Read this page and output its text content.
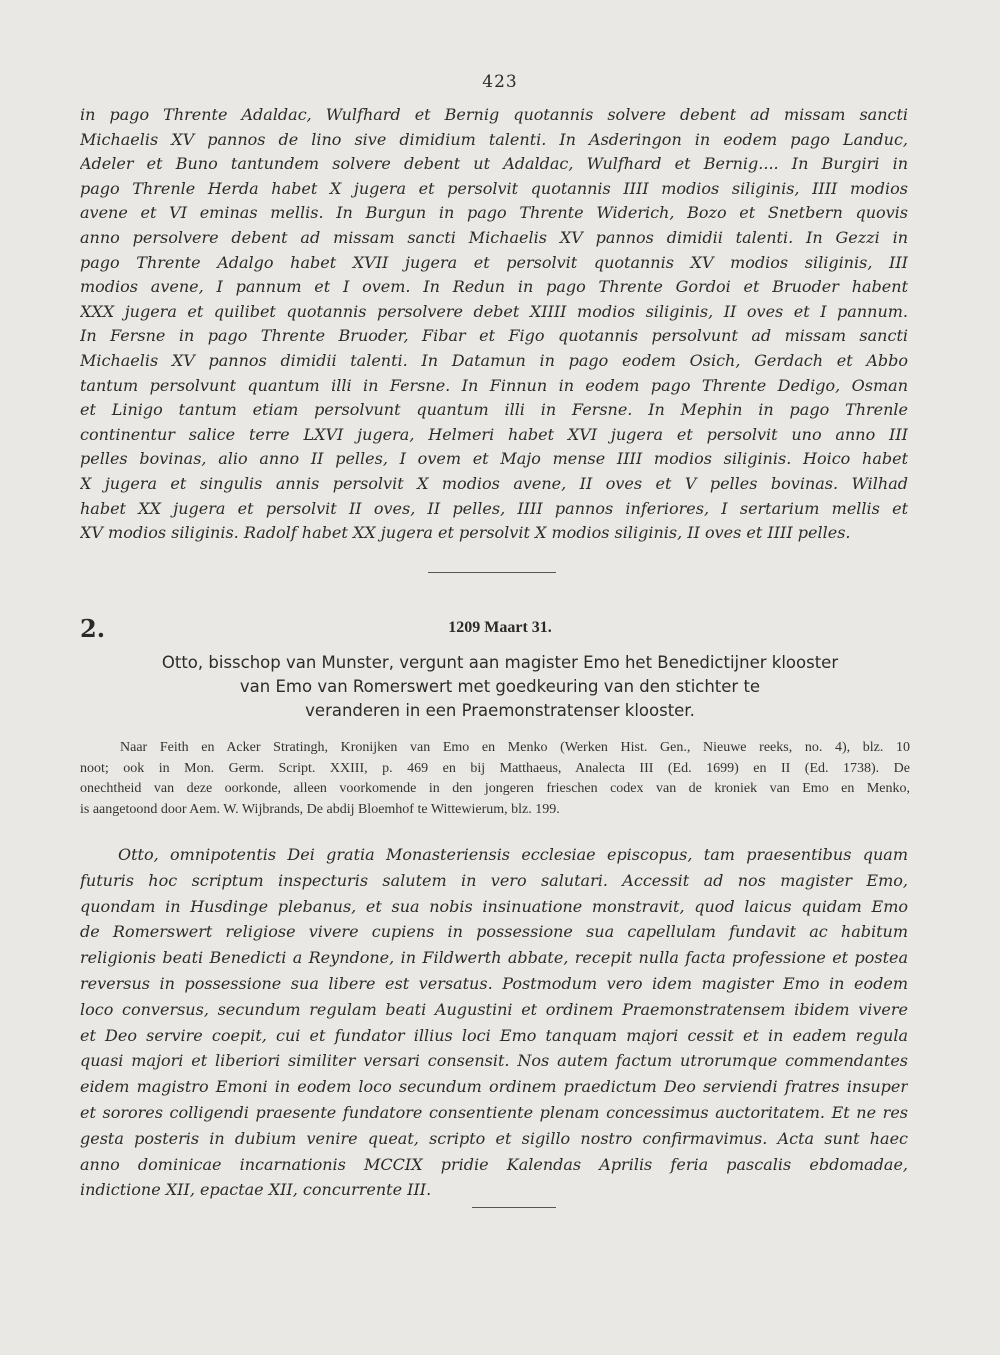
423
in pago Thrente Adaldac, Wulfhard et Bernig quotannis solvere debent ad missam sancti
Michaelis XV pannos de lino sive dimidium talenti. In Asderingon in eodem pago Landuc,
Adeler et Buno tantundem solvere debent ut Adaldac, Wulfhard et Bernig.... In Burgiri in
pago Threnle Herda habet X jugera et persolvit quotannis IIII modios siliginis, IIII modios
avene et VI eminas mellis. In Burgun in pago Thrente Widerich, Bozo et Snetbern quovis
anno persolvere debent ad missam sancti Michaelis XV pannos dimidii talenti. In Gezzi in
pago Thrente Adalgo habet XVII jugera et persolvit quotannis XV modios siliginis, III
modios avene, I pannum et I ovem. In Redun in pago Thrente Gordoi et Bruoder habent
XXX jugera et quilibet quotannis persolvere debet XIIII modios siliginis, II oves et I pannum.
In Fersne in pago Thrente Bruoder, Fibar et Figo quotannis persolvunt ad missam sancti
Michaelis XV pannos dimidii talenti. In Datamun in pago eodem Osich, Gerdach et Abbo
tantum persolvunt quantum illi in Fersne. In Finnun in eodem pago Thrente Dedigo, Osman
et Linigo tantum etiam persolvunt quantum illi in Fersne. In Mephin in pago Threnle
continentur salice terre LXVI jugera, Helmeri habet XVI jugera et persolvit uno anno III
pelles bovinas, alio anno II pelles, I ovem et Majo mense IIII modios siliginis. Hoico habet
X jugera et singulis annis persolvit X modios avene, II oves et V pelles bovinas. Wilhad
habet XX jugera et persolvit II oves, II pelles, IIII pannos inferiores, I sertarium mellis et
XV modios siliginis. Radolf habet XX jugera et persolvit X modios siliginis, II oves et IIII pelles.
2.	1209 Maart 31.
Otto, bisschop van Munster, vergunt aan magister Emo het Benedictijner klooster
van Emo van Romerswert met goedkeuring van den stichter te
veranderen in een Praemonstratenser klooster.
Naar Feith en Acker Stratingh, Kronijken van Emo en Menko (Werken Hist. Gen., Nieuwe reeks, no. 4), blz. 10
noot; ook in Mon. Germ. Script. XXIII, p. 469 en bij Matthaeus, Analecta III (Ed. 1699) en II (Ed. 1738). De
onechtheid van deze oorkonde, alleen voorkomende in den jongeren frieschen codex van de kroniek van Emo en Menko,
is aangetoond door Aem. W. Wijbrands, De abdij Bloemhof te Wittewierum, blz. 199.
Otto, omnipotentis Dei gratia Monasteriensis ecclesiae episcopus, tam praesentibus quam
futuris hoc scriptum inspecturis salutem in vero salutari. Accessit ad nos magister Emo,
quondam in Husdinge plebanus, et sua nobis insinuatione monstravit, quod laicus quidam Emo
de Romerswert religiose vivere cupiens in possessione sua capellulam fundavit ac habitum
religionis beati Benedicti a Reyndone, in Fildwerth abbate, recepit nulla facta professione et postea
reversus in possessione sua libere est versatus. Postmodum vero idem magister Emo in eodem
loco conversus, secundum regulam beati Augustini et ordinem Praemonstratensem ibidem vivere
et Deo servire coepit, cui et fundator illius loci Emo tanquam majori cessit et in eadem regula
quasi majori et liberiori similiter versari consensit. Nos autem factum utrorumque commendantes
eidem magistro Emoni in eodem loco secundum ordinem praedictum Deo serviendi fratres insuper
et sorores colligendi praesente fundatore consentiente plenam concessimus auctoritatem. Et ne res
gesta posteris in dubium venire queat, scripto et sigillo nostro confirmavimus. Acta sunt haec
anno dominicae incarnationis MCCIX pridie Kalendas Aprilis feria pascalis ebdomadae,
indictione XII, epactae XII, concurrente III.
